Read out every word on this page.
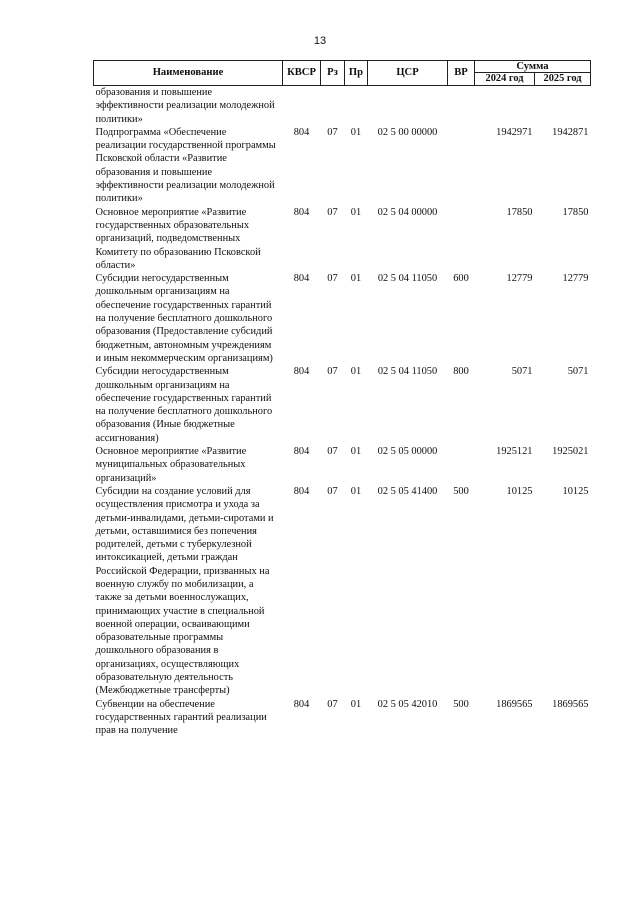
13
Наименование	КВСР	Рз	Пр	ЦСР	ВР	Сумма	
						2024 год	2025 год
образования и повышение эффективности реализации молодежной политики»							
Подпрограмма «Обеспечение реализации государственной программы Псковской области «Развитие образования и повышение эффективности реализации молодежной политики»	804	07	01	02 5 00 00000		1942971	1942871
Основное мероприятие «Развитие государственных образовательных организаций, подведомственных Комитету по образованию Псковской области»	804	07	01	02 5 04 00000		17850	17850
Субсидии негосударственным дошкольным организациям на обеспечение государственных гарантий на получение бесплатного дошкольного образования (Предоставление субсидий бюджетным, автономным учреждениям и иным некоммерческим организациям)	804	07	01	02 5 04 11050	600	12779	12779
Субсидии негосударственным дошкольным организациям на обеспечение государственных гарантий на получение бесплатного дошкольного образования (Иные бюджетные ассигнования)	804	07	01	02 5 04 11050	800	5071	5071
Основное мероприятие «Развитие муниципальных образовательных организаций»	804	07	01	02 5 05 00000		1925121	1925021
Субсидии на создание условий для осуществления присмотра и ухода за детьми-инвалидами, детьми-сиротами и детьми, оставшимися без попечения родителей, детьми с туберкулезной интоксикацией, детьми граждан Российской Федерации, призванных на военную службу по мобилизации, а также за детьми военнослужащих, принимающих участие в специальной военной операции, осваивающими образовательные программы дошкольного образования в организациях, осуществляющих образовательную деятельность (Межбюджетные трансферты)	804	07	01	02 5 05 41400	500	10125	10125
Субвенции на обеспечение государственных гарантий реализации прав на получение	804	07	01	02 5 05 42010	500	1869565	1869565
